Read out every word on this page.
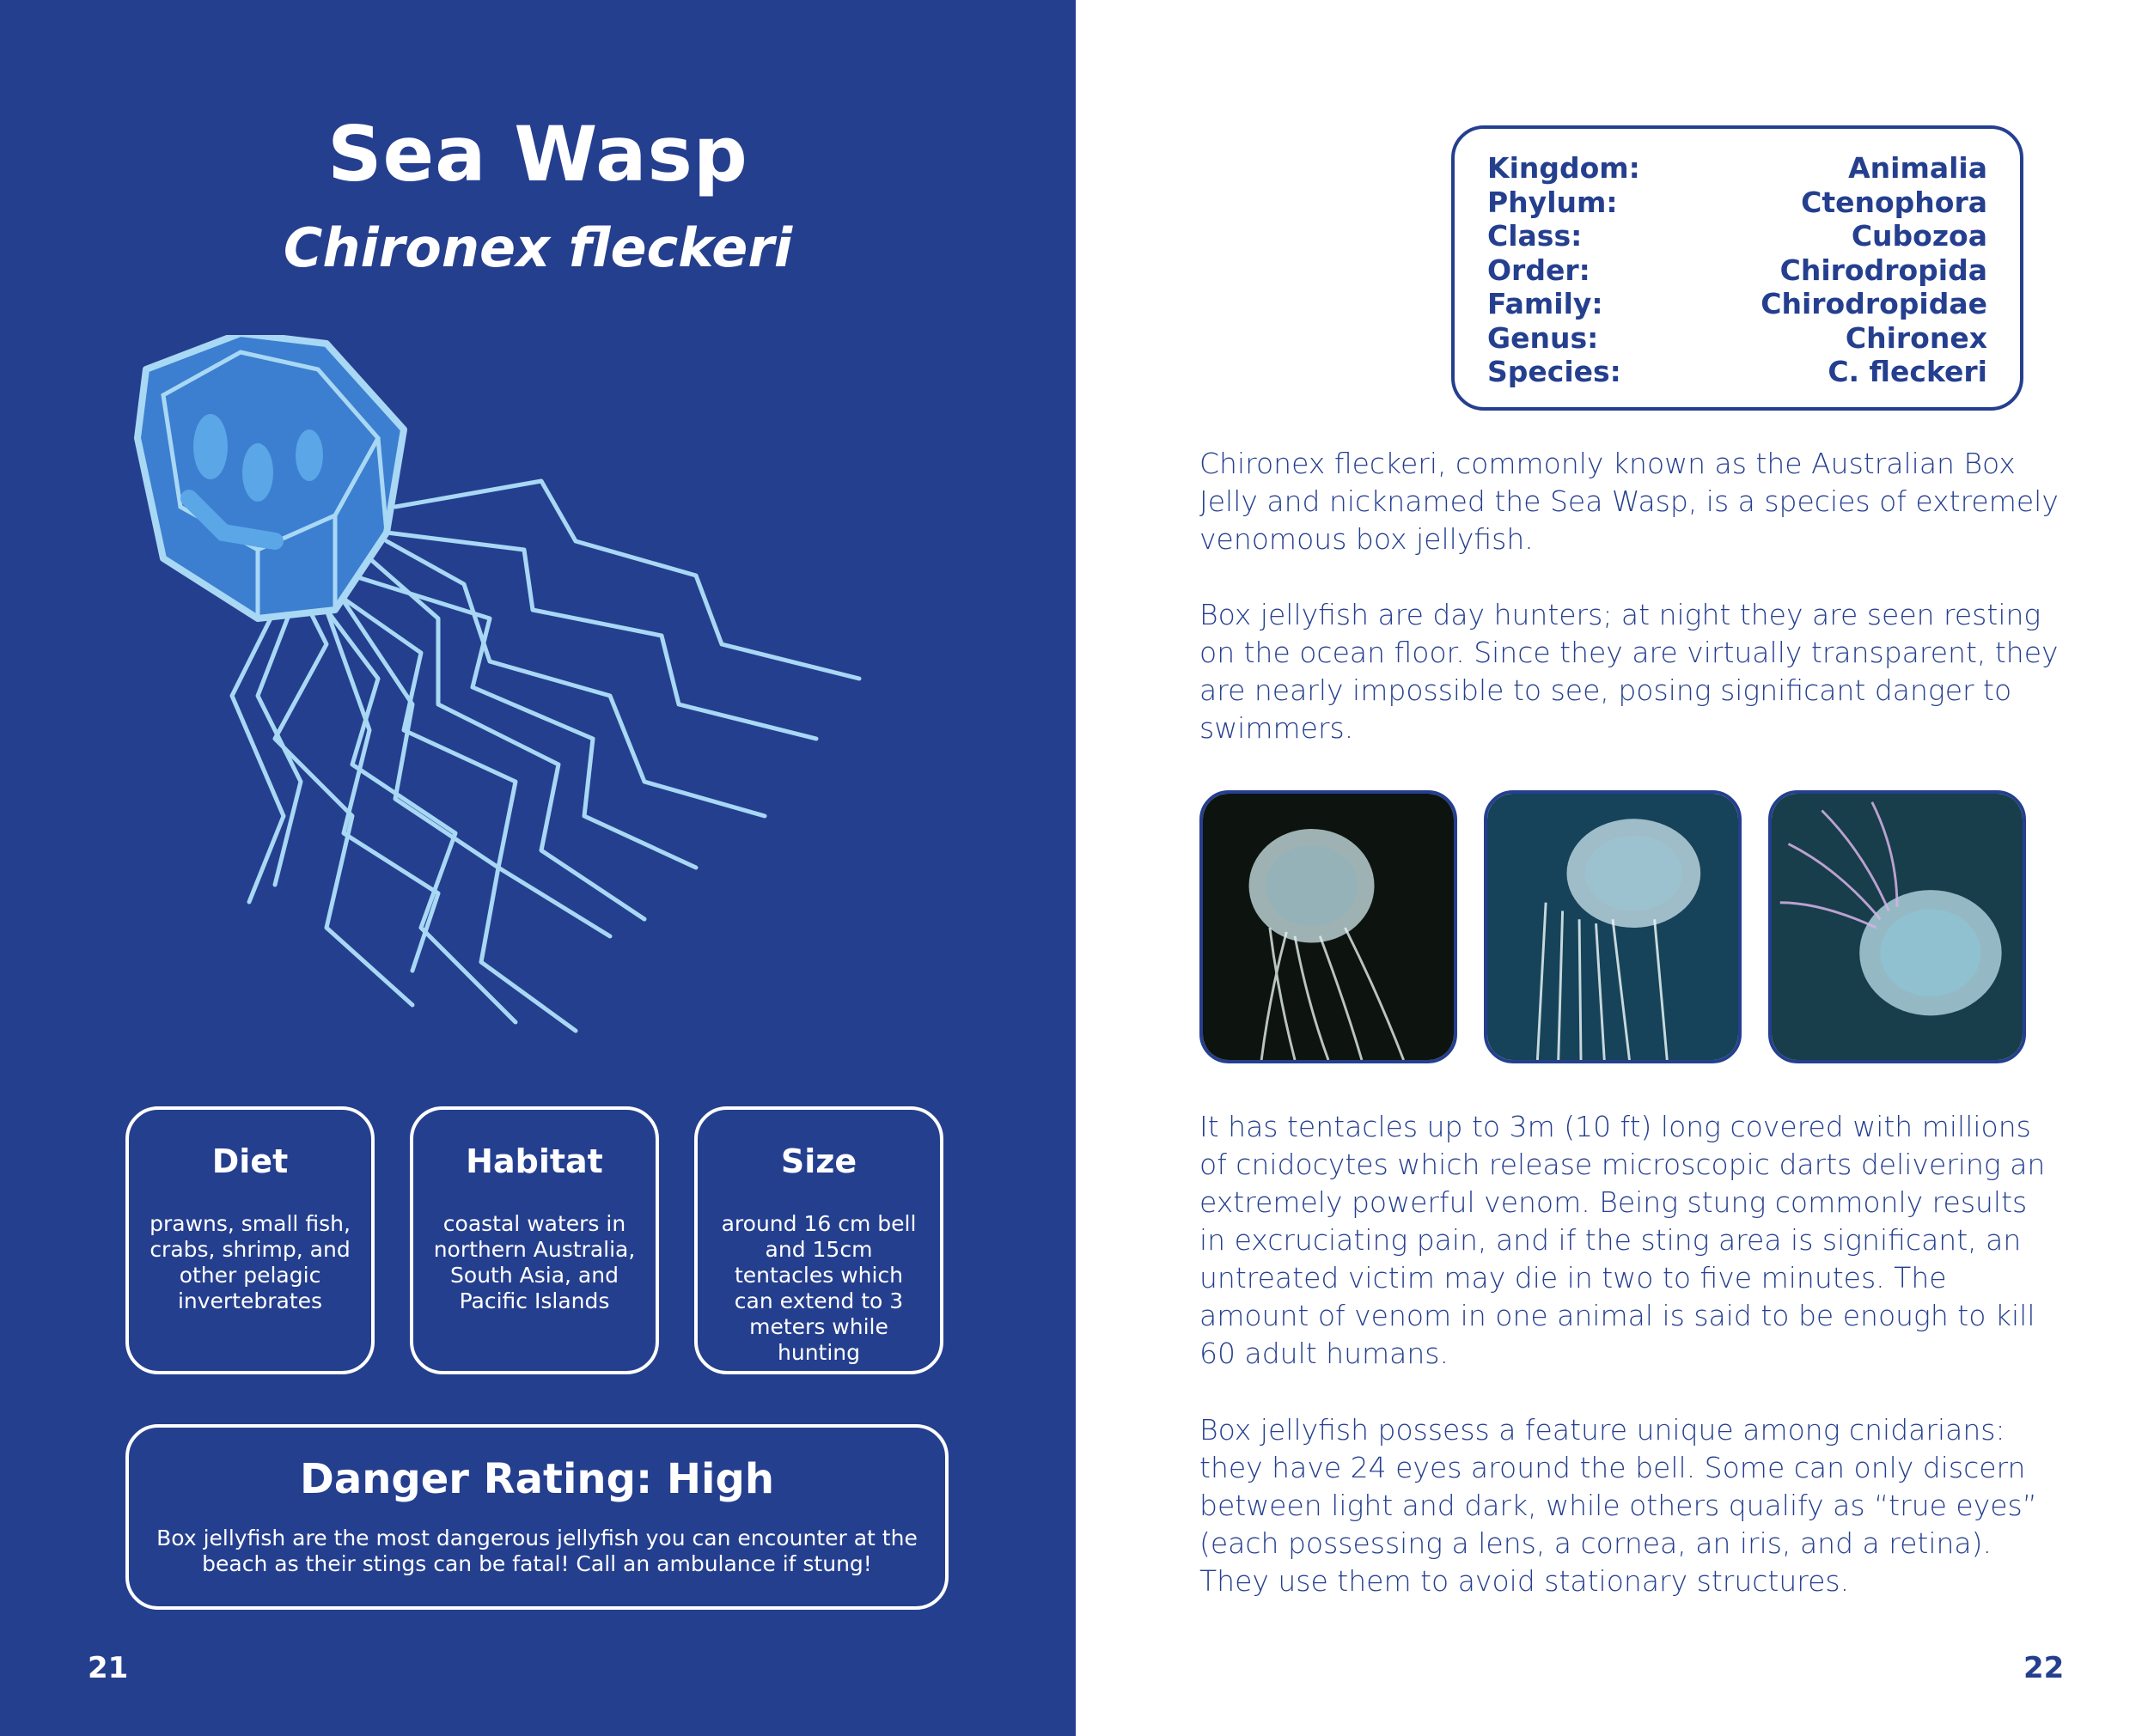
Sea Wasp
Chironex fleckeri
Diet
prawns, small fish, crabs, shrimp, and other pelagic invertebrates
Habitat
coastal waters in northern Australia, South Asia, and Pacific Islands
Size
around 16 cm bell and 15cm tentacles which can extend to 3 meters while hunting
Danger Rating: High
Box jellyfish are the most dangerous jellyfish you can encounter at the beach as their stings can be fatal! Call an ambulance if stung!
21
Kingdom:	Animalia
Phylum:	Ctenophora
Class:	Cubozoa
Order:	Chirodropida
Family:	Chirodropidae
Genus:	Chironex
Species:	C. fleckeri

Chironex fleckeri, commonly known as the Australian Box Jelly and nicknamed the Sea Wasp, is a species of extremely venomous box jellyfish.

Box jellyfish are day hunters; at night they are seen resting on the ocean floor. Since they are virtually transparent, they are nearly impossible to see, posing significant danger to swimmers.

It has tentacles up to 3m (10 ft) long covered with millions of cnidocytes which release microscopic darts delivering an extremely powerful venom. Being stung commonly results in excruciating pain, and if the sting area is significant, an untreated victim may die in two to five minutes. The amount of venom in one animal is said to be enough to kill 60 adult humans.

Box jellyfish possess a feature unique among cnidarians: they have 24 eyes around the bell. Some can only discern between light and dark, while others qualify as “true eyes” (each possessing a lens, a cornea, an iris, and a retina). They use them to avoid stationary structures.

22
